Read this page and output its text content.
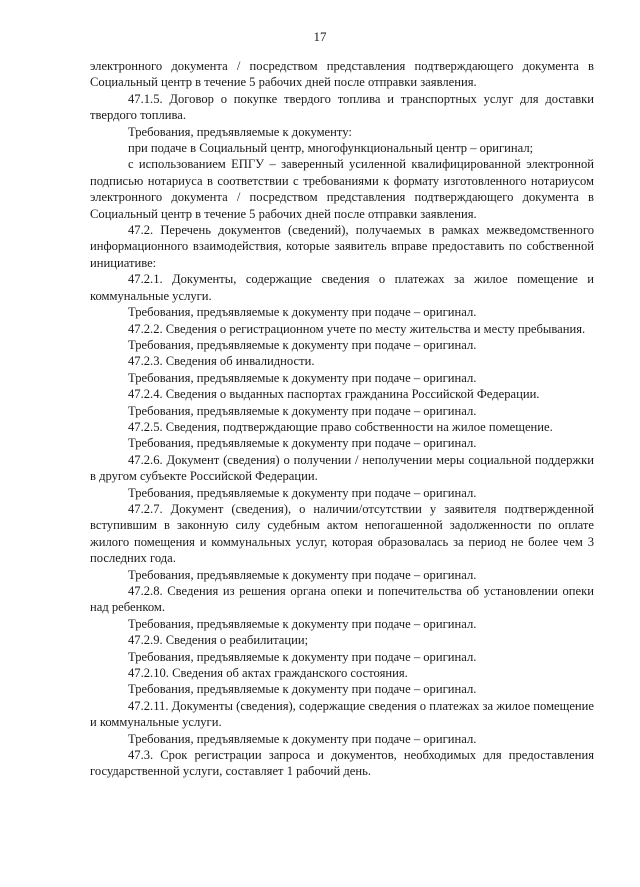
17

электронного документа / посредством представления подтверждающего документа в Социальный центр в течение 5 рабочих дней после отправки заявления.

47.1.5. Договор о покупке твердого топлива и транспортных услуг для доставки твердого топлива.

Требования, предъявляемые к документу:

при подаче в Социальный центр, многофункциональный центр – оригинал;

с использованием ЕПГУ – заверенный усиленной квалифицированной электронной подписью нотариуса в соответствии с требованиями к формату изготовленного нотариусом электронного документа / посредством представления подтверждающего документа в Социальный центр в течение 5 рабочих дней после отправки заявления.

47.2. Перечень документов (сведений), получаемых в рамках межведомственного информационного взаимодействия, которые заявитель вправе предоставить по собственной инициативе:

47.2.1. Документы, содержащие сведения о платежах за жилое помещение и коммунальные услуги.

Требования, предъявляемые к документу при подаче – оригинал.

47.2.2. Сведения о регистрационном учете по месту жительства и месту пребывания.

Требования, предъявляемые к документу при подаче – оригинал.

47.2.3. Сведения об инвалидности.

Требования, предъявляемые к документу при подаче – оригинал.

47.2.4. Сведения о выданных паспортах гражданина Российской Федерации.

Требования, предъявляемые к документу при подаче – оригинал.

47.2.5. Сведения, подтверждающие право собственности на жилое помещение.

Требования, предъявляемые к документу при подаче – оригинал.

47.2.6. Документ (сведения) о получении / неполучении меры социальной поддержки в другом субъекте Российской Федерации.

Требования, предъявляемые к документу при подаче – оригинал.

47.2.7. Документ (сведения), о наличии/отсутствии у заявителя подтвержденной вступившим в законную силу судебным актом непогашенной задолженности по оплате жилого помещения и коммунальных услуг, которая образовалась за период не более чем 3 последних года.

Требования, предъявляемые к документу при подаче – оригинал.

47.2.8. Сведения из решения органа опеки и попечительства об установлении опеки над ребенком.

Требования, предъявляемые к документу при подаче – оригинал.

47.2.9. Сведения о реабилитации;

Требования, предъявляемые к документу при подаче – оригинал.

47.2.10. Сведения об актах гражданского состояния.

Требования, предъявляемые к документу при подаче – оригинал.

47.2.11. Документы (сведения), содержащие сведения о платежах за жилое помещение и коммунальные услуги.

Требования, предъявляемые к документу при подаче – оригинал.

47.3. Срок регистрации запроса и документов, необходимых для предоставления государственной услуги, составляет 1 рабочий день.
